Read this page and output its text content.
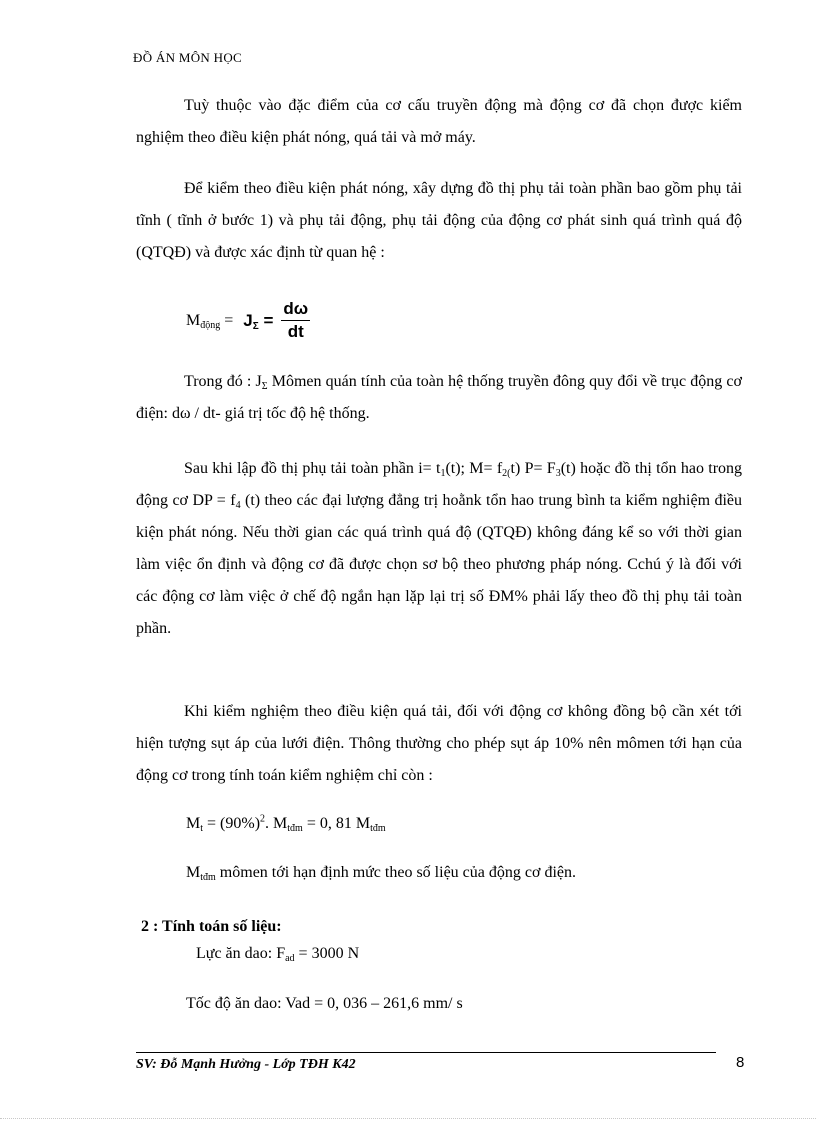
ĐỒ ÁN MÔN HỌC
Tuỳ thuộc vào đặc điểm của cơ cấu truyền động mà động cơ đã chọn được kiểm nghiệm theo điều kiện phát nóng, quá tải và mở máy.
Để kiểm theo điều kiện phát nóng, xây dựng đồ thị phụ tải toàn phần bao gồm phụ tải tĩnh ( tĩnh ở bước 1) và phụ tải động, phụ tải động của động cơ phát sinh quá trình quá độ (QTQĐ) và được xác định từ quan hệ :
$M_{động} = J_\Sigma = \frac{d\omega}{dt}$
Trong đó : $J_\Sigma$ Mômen quán tính của toàn hệ thống truyền đông quy đổi về trục động cơ điện: dω / dt- giá trị tốc độ hệ thống.
Sau khi lập đồ thị phụ tải toàn phần $i= t_1(t)$; $M= f_{2(}t$) $P= F_3(t)$ hoặc đồ thị tổn hao trong động cơ DP = $f_4$ (t) theo các đại lượng đẳng trị hoằnk tổn hao trung bình ta kiểm nghiệm điều kiện phát nóng. Nếu thời gian các quá trình quá độ (QTQĐ) không đáng kể so với thời gian làm việc ổn định và động cơ đã được chọn sơ bộ theo phương pháp nóng. Cchú ý là đối với các động cơ làm việc ở chế độ ngắn hạn lặp lại trị số ĐM% phải lấy theo đồ thị phụ tải toàn phần.
Khi kiểm nghiệm theo điều kiện quá tải, đối với động cơ không đồng bộ cần xét tới hiện tượng sụt áp của lưới điện. Thông thường cho phép sụt áp 10% nên mômen tới hạn của động cơ trong tính toán kiểm nghiệm chỉ còn :
$M_t = (90\%)^2$. $M_{tđm} = 0$, 81 $M_{tđm}$
$M_{tđm}$ mômen tới hạn định mức theo số liệu của động cơ điện.
2 : Tính toán số liệu:
Lực ăn dao: $F_{ad} = 3000$ N
Tốc độ ăn dao: Vad = 0, 036 – 261,6 mm/ s
SV: Đỗ Mạnh Hưởng - Lớp TĐH K42	8
